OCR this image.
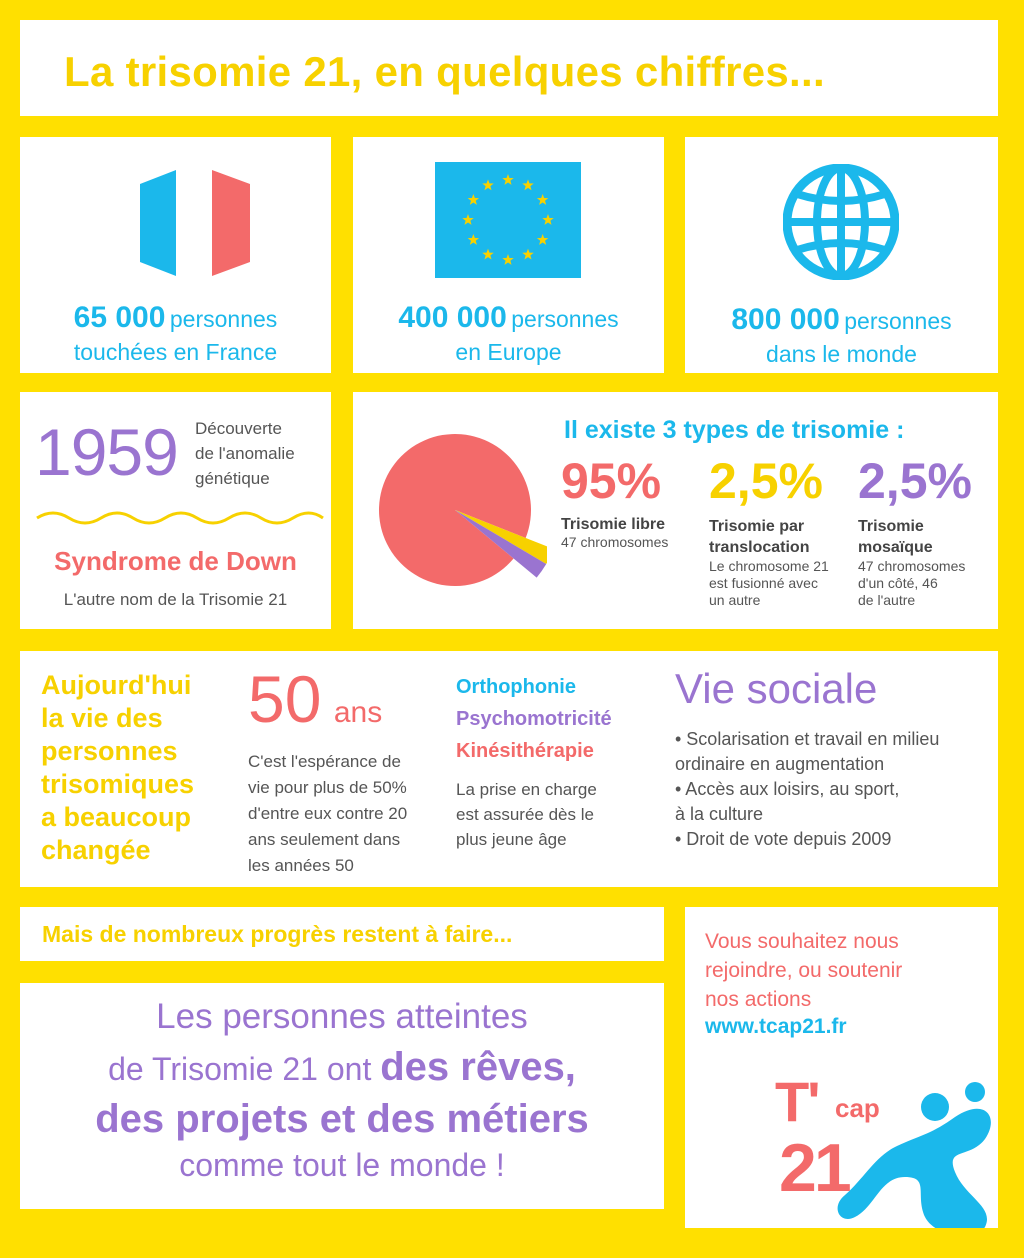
La trisomie 21, en quelques chiffres...
65 000 personnes
touchées en France
400 000 personnes
en Europe
800 000 personnes
dans le monde
1959 Découverte
de l'anomalie
génétique
Syndrome de Down
L'autre nom de la Trisomie 21
Il existe 3 types de trisomie :
95%
Trisomie libre
47 chromosomes
2,5%
Trisomie par
translocation
Le chromosome 21
est fusionné avec
un autre
2,5%
Trisomie
mosaïque
47 chromosomes
d'un côté, 46
de l'autre
Aujourd'hui
la vie des
personnes
trisomiques
a beaucoup
changée
50 ans
C'est l'espérance de
vie pour plus de 50%
d'entre eux contre 20
ans seulement dans
les années 50
Orthophonie
Psychomotricité
Kinésithérapie
La prise en charge
est assurée dès le
plus jeune âge
Vie sociale
• Scolarisation et travail en milieu
ordinaire en augmentation
• Accès aux loisirs, au sport,
à la culture
• Droit de vote depuis 2009
Mais de nombreux progrès restent à faire...
Les personnes atteintes
de Trisomie 21 ont des rêves,
des projets et des métiers
comme tout le monde !
Vous souhaitez nous
rejoindre, ou soutenir
nos actions
www.tcap21.fr
T' cap
21
